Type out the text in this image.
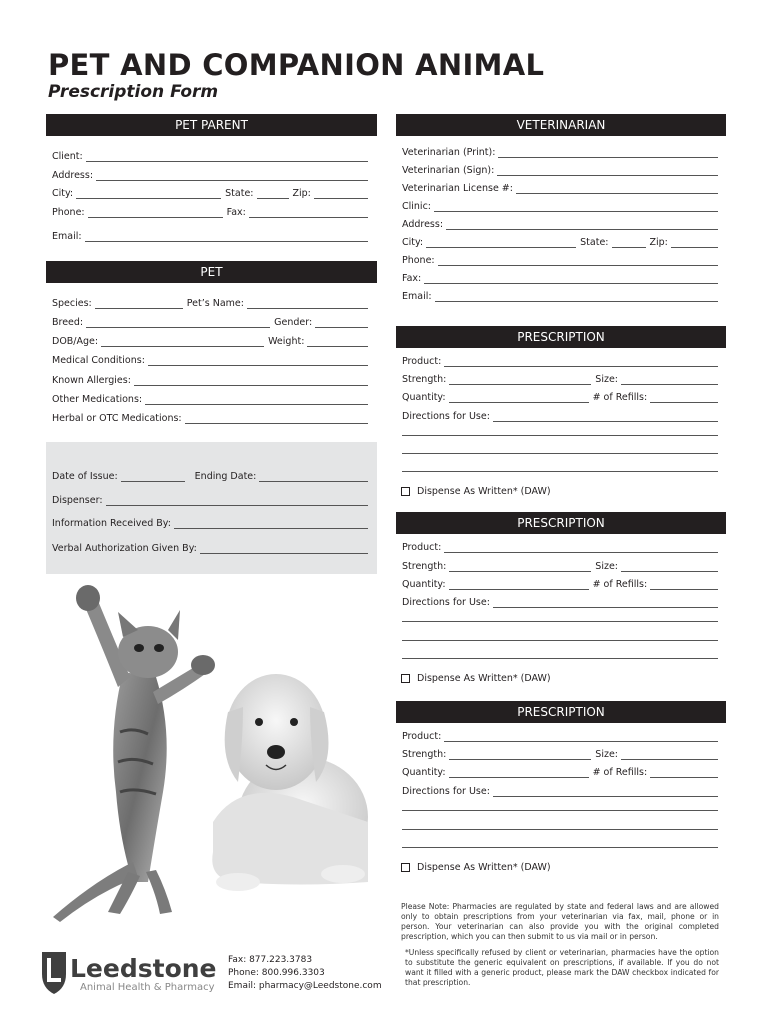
PET AND COMPANION ANIMAL
Prescription Form
PET PARENT
Client:
Address:
City:	State:	Zip:
Phone:	Fax:
Email:
PET
Species:	Pet’s Name:
Breed:	Gender:
DOB/Age:	Weight:
Medical Conditions:
Known Allergies:
Other Medications:
Herbal or OTC Medications:
Date of Issue:	Ending Date:
Dispenser:
Information Received By:
Verbal Authorization Given By:
Leedstone
Animal Health & Pharmacy
Fax: 877.223.3783
Phone: 800.996.3303
Email: pharmacy@Leedstone.com
VETERINARIAN
Veterinarian (Print):
Veterinarian (Sign):
Veterinarian License #:
Clinic:
Address:
City:	State:	Zip:
Phone:
Fax:
Email:
PRESCRIPTION
Product:
Strength:	Size:
Quantity:	# of Refills:
Directions for Use:
Dispense As Written* (DAW)
PRESCRIPTION
Product:
Strength:	Size:
Quantity:	# of Refills:
Directions for Use:
Dispense As Written* (DAW)
PRESCRIPTION
Product:
Strength:	Size:
Quantity:	# of Refills:
Directions for Use:
Dispense As Written* (DAW)
Please Note: Pharmacies are regulated by state and federal laws and are allowed only to obtain prescriptions from your veterinarian via fax, mail, phone or in person. Your veterinarian can also provide you with the original completed prescription, which you can then submit to us via mail or in person.
*Unless specifically refused by client or veterinarian, pharmacies have the option to substitute the generic equivalent on prescriptions, if available. If you do not want it filled with a generic product, please mark the DAW checkbox indicated for that prescription.
